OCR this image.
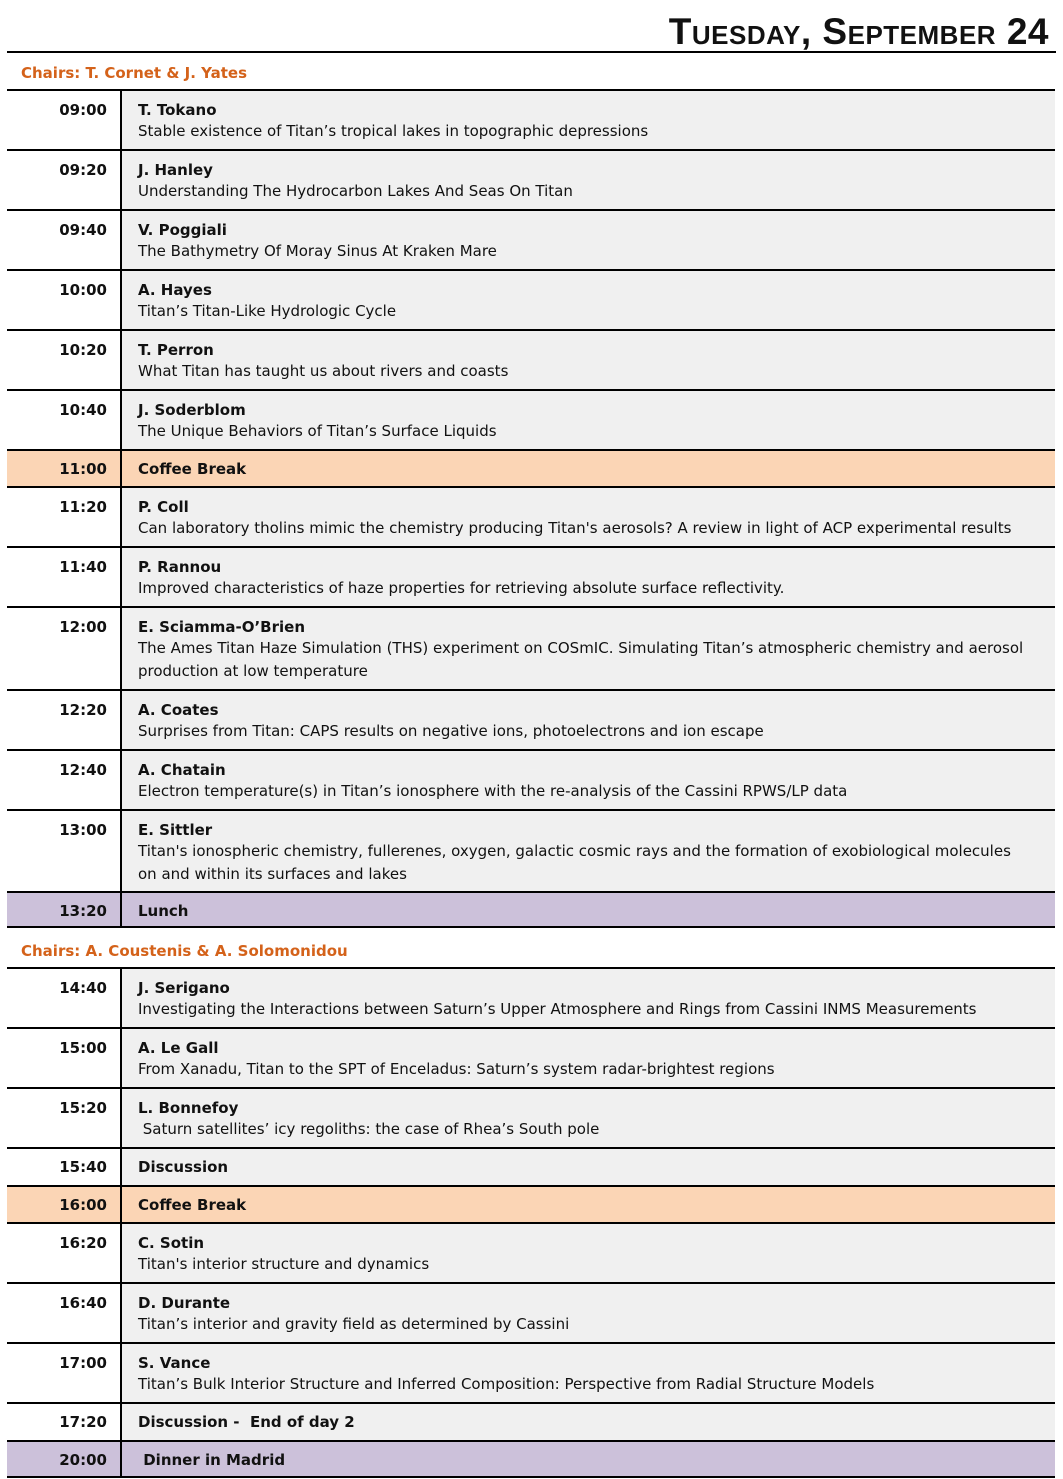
Tuesday, September 24
Chairs: T. Cornet & J. Yates
09:00 T. Tokano
Stable existence of Titan’s tropical lakes in topographic depressions
09:20 J. Hanley
Understanding The Hydrocarbon Lakes And Seas On Titan
09:40 V. Poggiali
The Bathymetry Of Moray Sinus At Kraken Mare
10:00 A. Hayes
Titan’s Titan-Like Hydrologic Cycle
10:20 T. Perron
What Titan has taught us about rivers and coasts
10:40 J. Soderblom
The Unique Behaviors of Titan’s Surface Liquids
11:00 Coffee Break
11:20 P. Coll
Can laboratory tholins mimic the chemistry producing Titan's aerosols? A review in light of ACP experimental results
11:40 P. Rannou
Improved characteristics of haze properties for retrieving absolute surface reflectivity.
12:00 E. Sciamma-O’Brien
The Ames Titan Haze Simulation (THS) experiment on COSmIC. Simulating Titan’s atmospheric chemistry and aerosol production at low temperature
12:20 A. Coates
Surprises from Titan: CAPS results on negative ions, photoelectrons and ion escape
12:40 A. Chatain
Electron temperature(s) in Titan’s ionosphere with the re-analysis of the Cassini RPWS/LP data
13:00 E. Sittler
Titan's ionospheric chemistry, fullerenes, oxygen, galactic cosmic rays and the formation of exobiological molecules on and within its surfaces and lakes
13:20 Lunch
Chairs: A. Coustenis & A. Solomonidou
14:40 J. Serigano
Investigating the Interactions between Saturn’s Upper Atmosphere and Rings from Cassini INMS Measurements
15:00 A. Le Gall
From Xanadu, Titan to the SPT of Enceladus: Saturn’s system radar-brightest regions
15:20 L. Bonnefoy
Saturn satellites’ icy regoliths: the case of Rhea’s South pole
15:40 Discussion
16:00 Coffee Break
16:20 C. Sotin
Titan's interior structure and dynamics
16:40 D. Durante
Titan’s interior and gravity field as determined by Cassini
17:00 S. Vance
Titan’s Bulk Interior Structure and Inferred Composition: Perspective from Radial Structure Models
17:20 Discussion -  End of day 2
20:00 Dinner in Madrid
